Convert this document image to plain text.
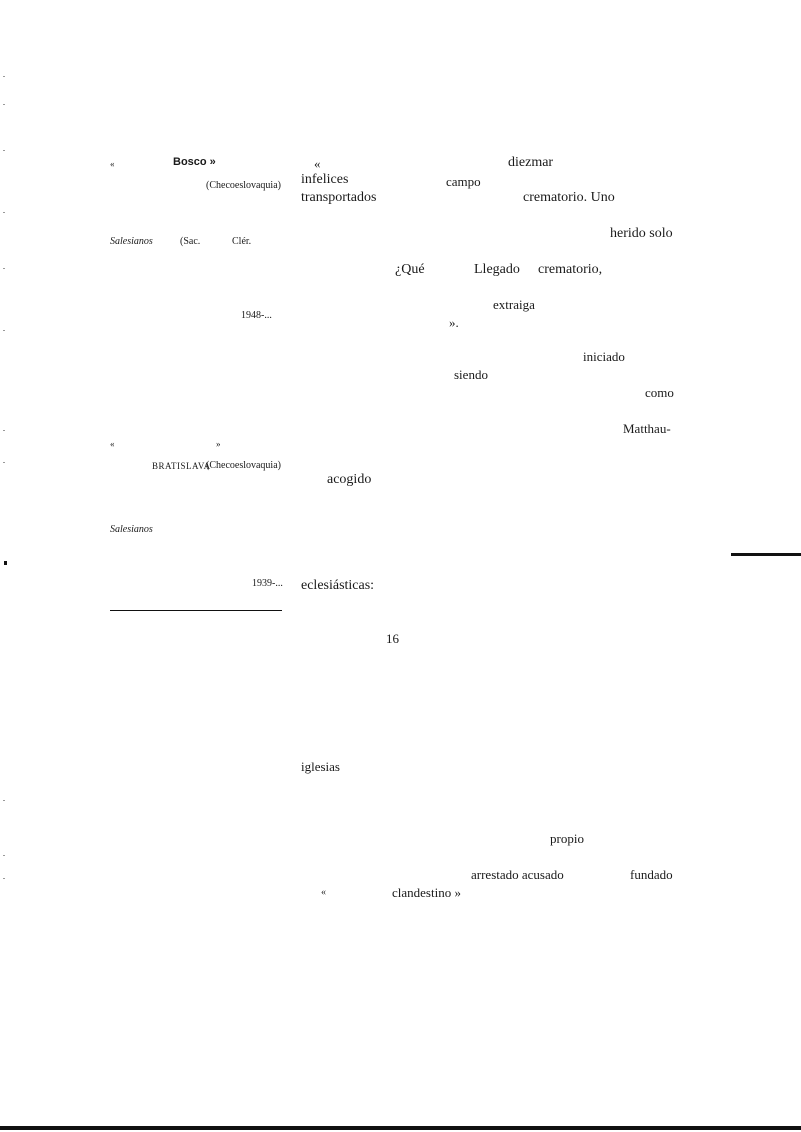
«	Bosco »
(Checoeslovaquia)
Salesianos	(Sac.	Clér.
1948-...
«	»
BRATISLAVA
(Checoeslovaquia)
Salesianos
1939-...
«	diezmar
infelices	campo
transportados	crematorio. Uno
herido solo
¿Qué	Llegado crematorio,
extraiga
».
iniciado
siendo
como
Matthau-
acogido
eclesiásticas:
16
iglesias
propio
arrestado acusado	fundado
«	clandestino »
